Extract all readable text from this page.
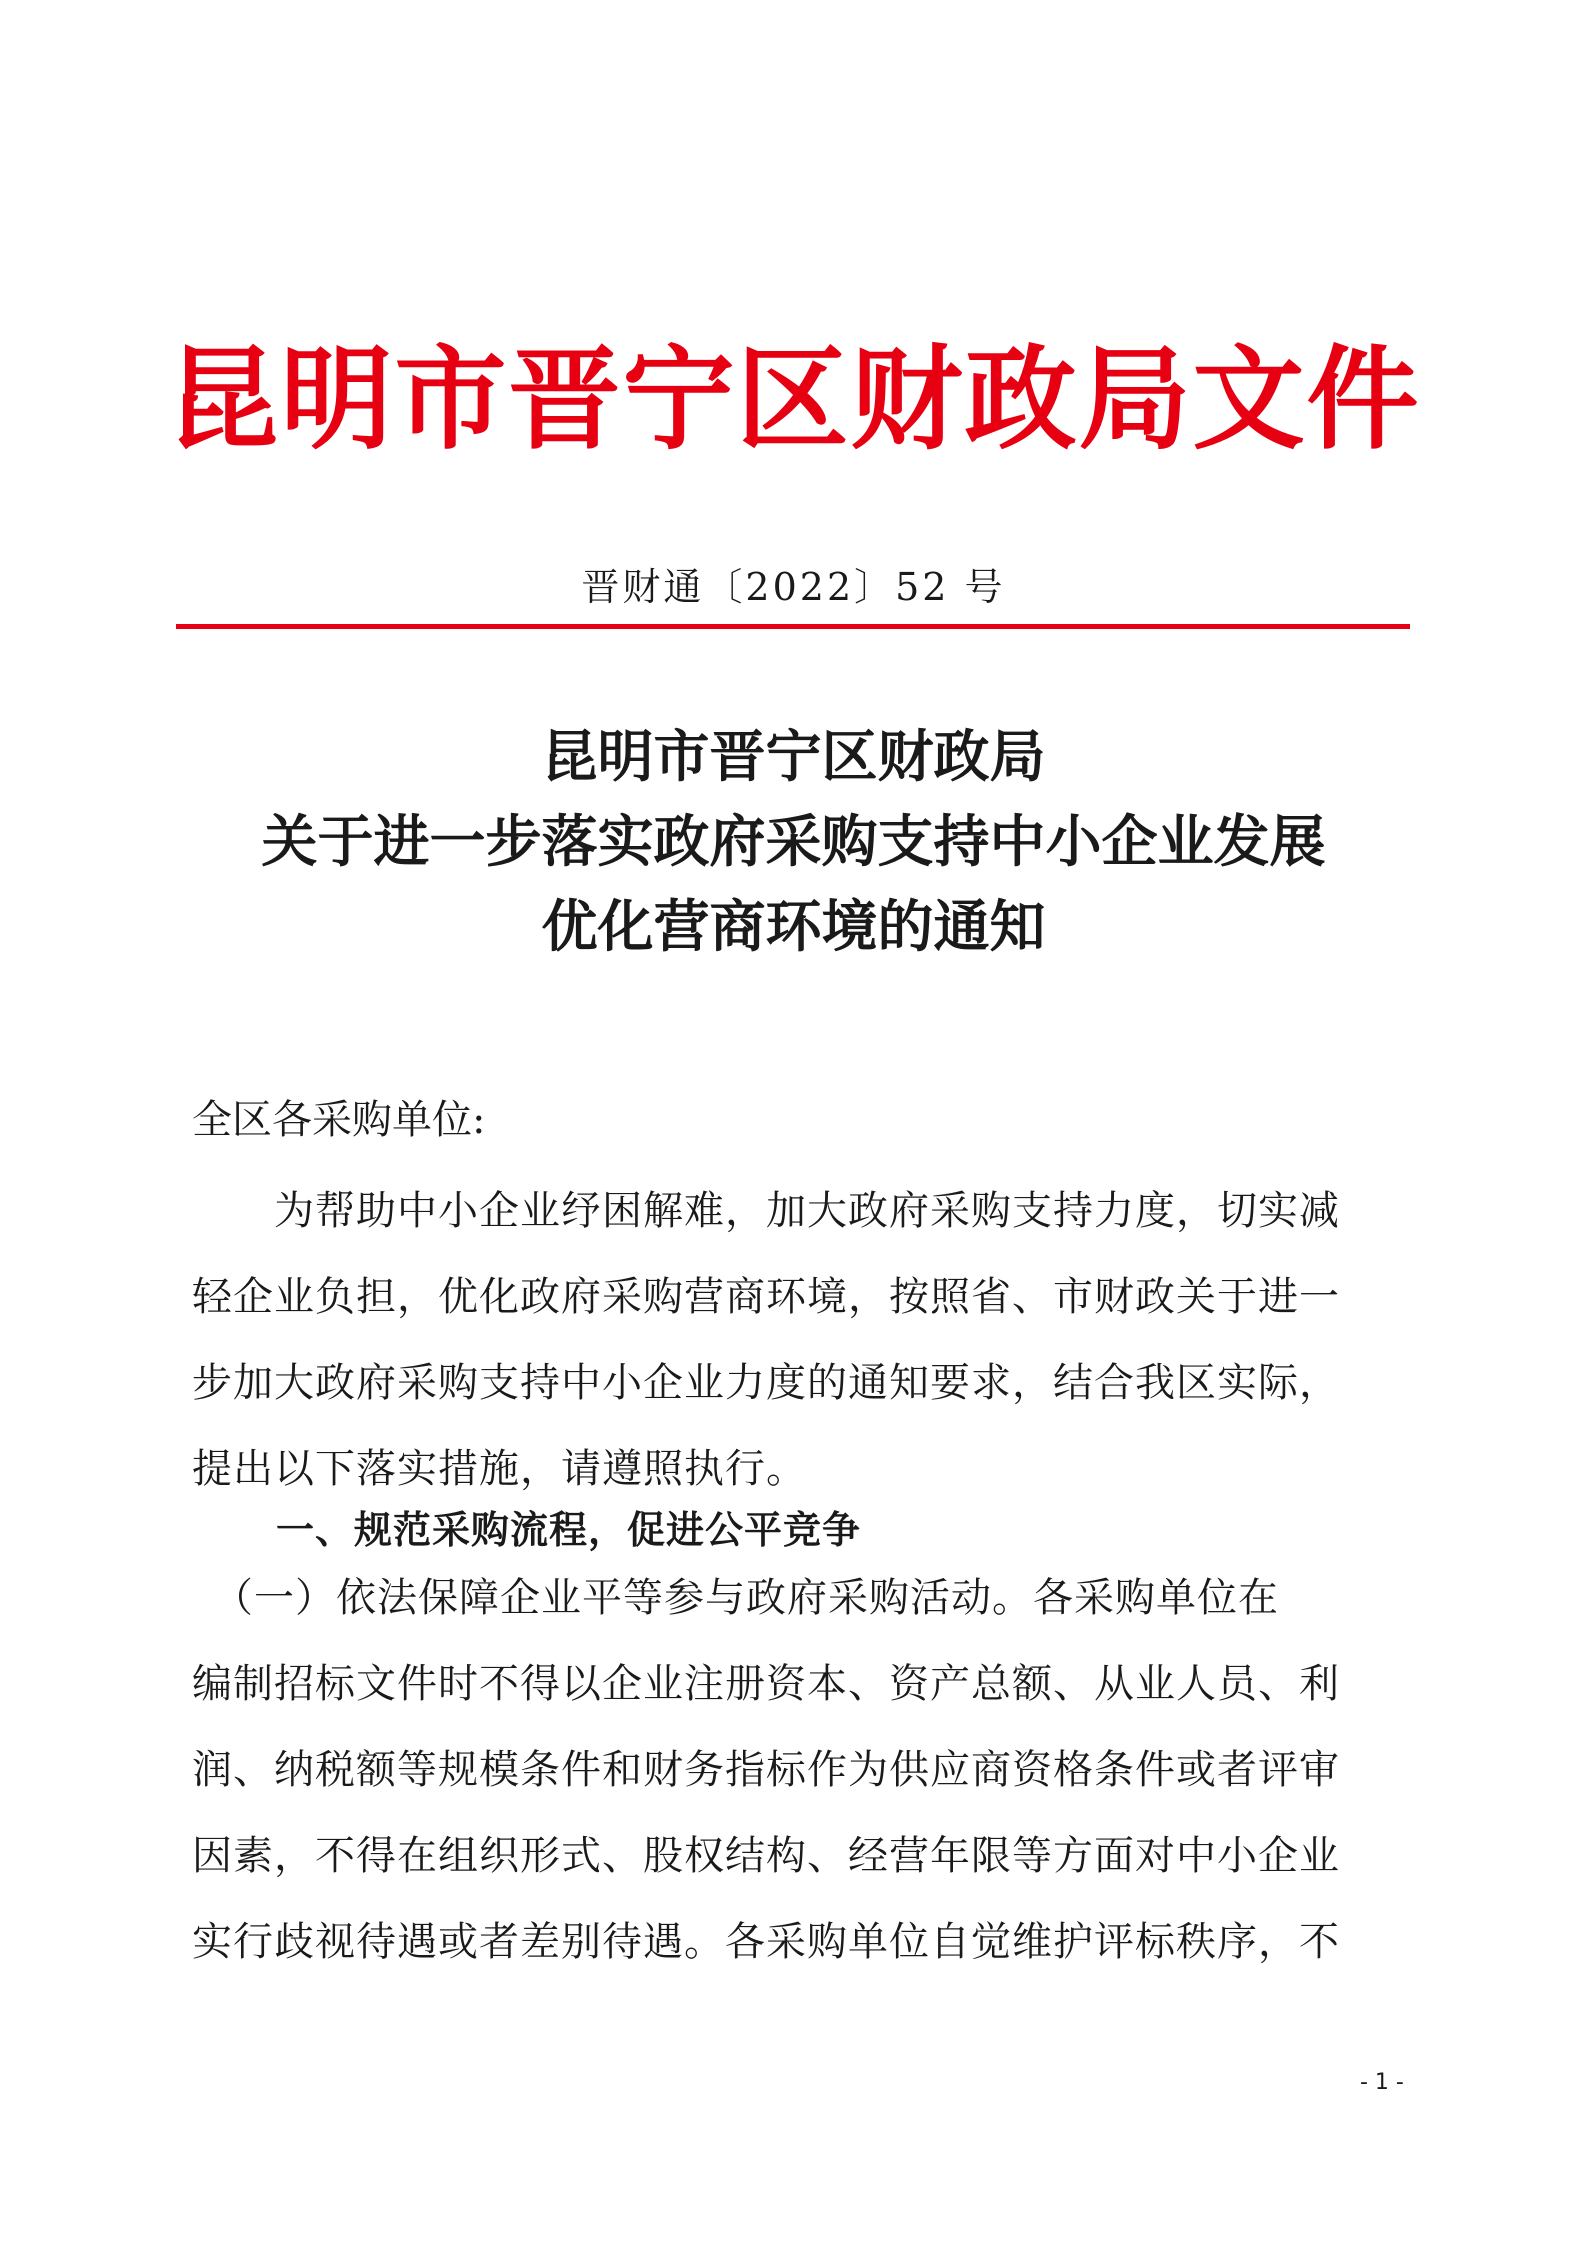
昆明市晋宁区财政局文件
晋财通〔2022〕52 号
昆明市晋宁区财政局
关于进一步落实政府采购支持中小企业发展
优化营商环境的通知
全区各采购单位:
　　为帮助中小企业纾困解难，加大政府采购支持力度，切实减
轻企业负担，优化政府采购营商环境，按照省、市财政关于进一
步加大政府采购支持中小企业力度的通知要求，结合我区实际，
提出以下落实措施，请遵照执行。
一、规范采购流程，促进公平竞争
　（一）依法保障企业平等参与政府采购活动。各采购单位在
编制招标文件时不得以企业注册资本、资产总额、从业人员、利
润、纳税额等规模条件和财务指标作为供应商资格条件或者评审
因素，不得在组织形式、股权结构、经营年限等方面对中小企业
实行歧视待遇或者差别待遇。各采购单位自觉维护评标秩序，不
- 1 -
